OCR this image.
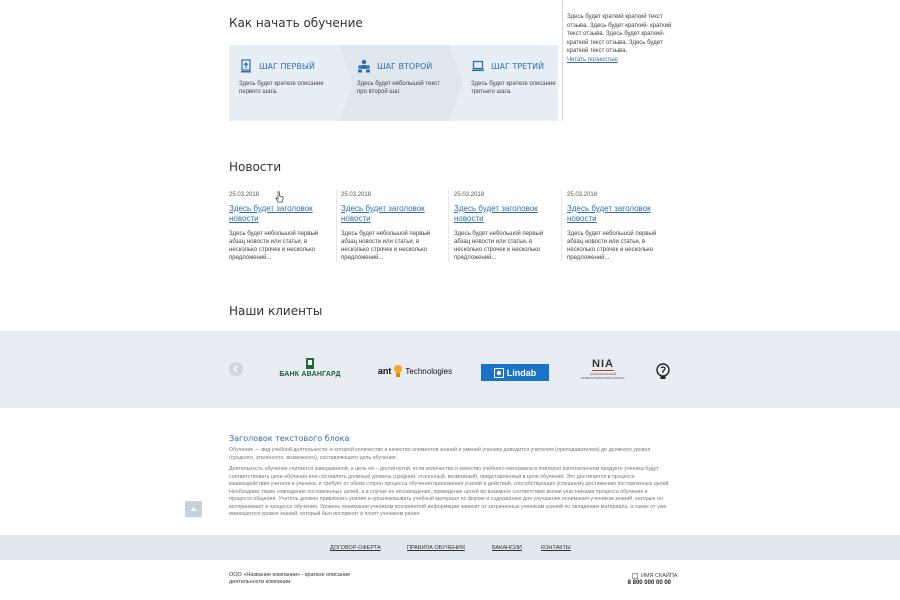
Как начать обучение
ШАГ ПЕРВЫЙ
Здесь будет краткое описание первого шага.
ШАГ ВТОРОЙ
Здесь будет небольшой текст про второй шаг.
ШАГ ТРЕТИЙ
Здесь будет краткое описание третьего шага.
Здесь будет краткий краткий текст отзыва. Здесь будет краткий- краткий текст отзыва. Здесь будет краткий-краткий текст отзыва. Здесь будет краткий текст отзыва.
Читать полностью
Новости
25.03.2018
Здесь будет заголовок новости
Здесь будет небольшой первый абзац новости или статьи, в несколько строчек и несколько предложений...
25.03.2018
Здесь будет заголовок новости
Здесь будет небольшой первый абзац новости или статьи, в несколько строчек и несколько предложений...
25.03.2018
Здесь будет заголовок новости
Здесь будет небольшой первый абзац новости или статьи, в несколько строчек и несколько предложений...
25.03.2018
Здесь будет заголовок новости
Здесь будет небольшой первый абзац новости или статьи, в несколько строчек и несколько предложений...
Наши клиенты
БАНК АВАНГАРД	ant Technologies	Lindab
NIA
НАЦИОНАЛЬНЫЙ ИНВЕСТИЦИОННЫЙ АЛЬЯНС
Заголовок текстового блока
Обучение — вид учебной деятельности, в которой количество и качество элементов знаний и умений ученика доводится учителем (преподавателем) до должного уровня (среднего, эталонного, возможного), составляющего цель обучения.
Деятельность обучения считается завершенной, а цель её – достигнутой, если количество и качество учебного материала в повторно изготовленном продукте ученика будут соответствовать цели обучения или составлять должный уровень (средний, эталонный, возможный), представленный в цели обучения. Это достигается в процессе взаимодействия учителя и ученика, и требует от обеих сторон процесса обучения приложения усилий и действий, способствующих успешному достижению поставленных целей. Необходимо также совпадение поставленных целей, а в случае их несовпадения, приведение целей во взаимное соответствие всеми участниками процесса обучения в процессе общения. Учитель должен привлекать усилия и организовывать учебный материал по форме и содержанию для улучшения понимания учеником знаний, которые он воспринимает в процессе обучения. Уровень понимания учеником воспринятой информации зависит от затраченных ученикам усилий по овладению материала, а также от уже имеющегося уровня знаний, который был воспринят и понят учеником ранее.
ДОГОВОР-ОФЕРТА	ПРАВИЛА ОБУЧЕНИЯ	ВАКАНСИИ	КОНТАКТЫ
ООО «Название компании» - краткое описание деятельности компании.
ИМЯ СКАЙПА
8 800 000 00 00
